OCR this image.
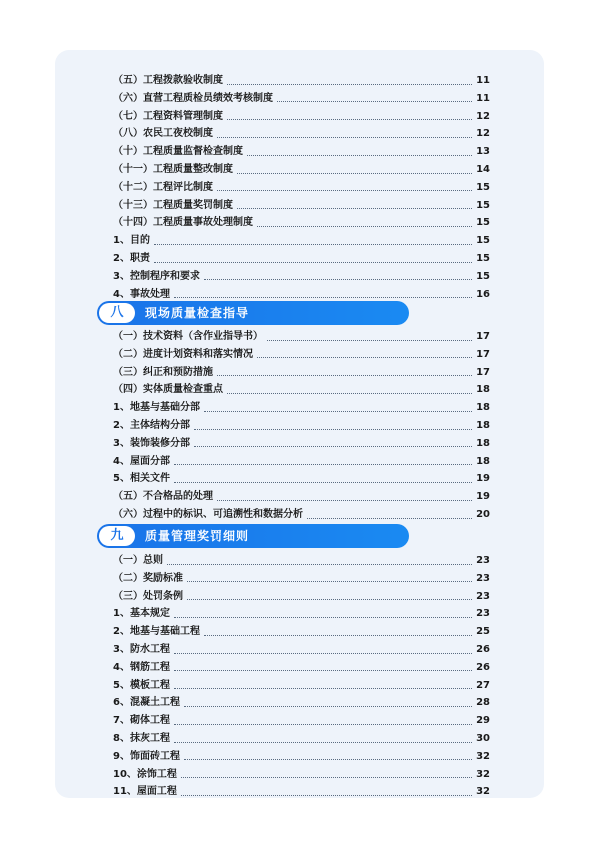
八	现场质量检查指导
九	质量管理奖罚细则
（五）工程拨款验收制度	11
（六）直营工程质检员绩效考核制度	11
（七）工程资料管理制度	12
（八）农民工夜校制度	12
（十）工程质量监督检查制度	13
（十一）工程质量整改制度	14
（十二）工程评比制度	15
（十三）工程质量奖罚制度	15
（十四）工程质量事故处理制度	15
1、目的	15
2、职责	15
3、控制程序和要求	15
4、事故处理	16
（一）技术资料（含作业指导书）	17
（二）进度计划资料和落实情况	17
（三）纠正和预防措施	17
（四）实体质量检查重点	18
1、地基与基础分部	18
2、主体结构分部	18
3、装饰装修分部	18
4、屋面分部	18
5、相关文件	19
（五）不合格品的处理	19
（六）过程中的标识、可追溯性和数据分析	20
（一）总则	23
（二）奖励标准	23
（三）处罚条例	23
1、基本规定	23
2、地基与基础工程	25
3、防水工程	26
4、钢筋工程	26
5、模板工程	27
6、混凝土工程	28
7、砌体工程	29
8、抹灰工程	30
9、饰面砖工程	32
10、涂饰工程	32
11、屋面工程	32
